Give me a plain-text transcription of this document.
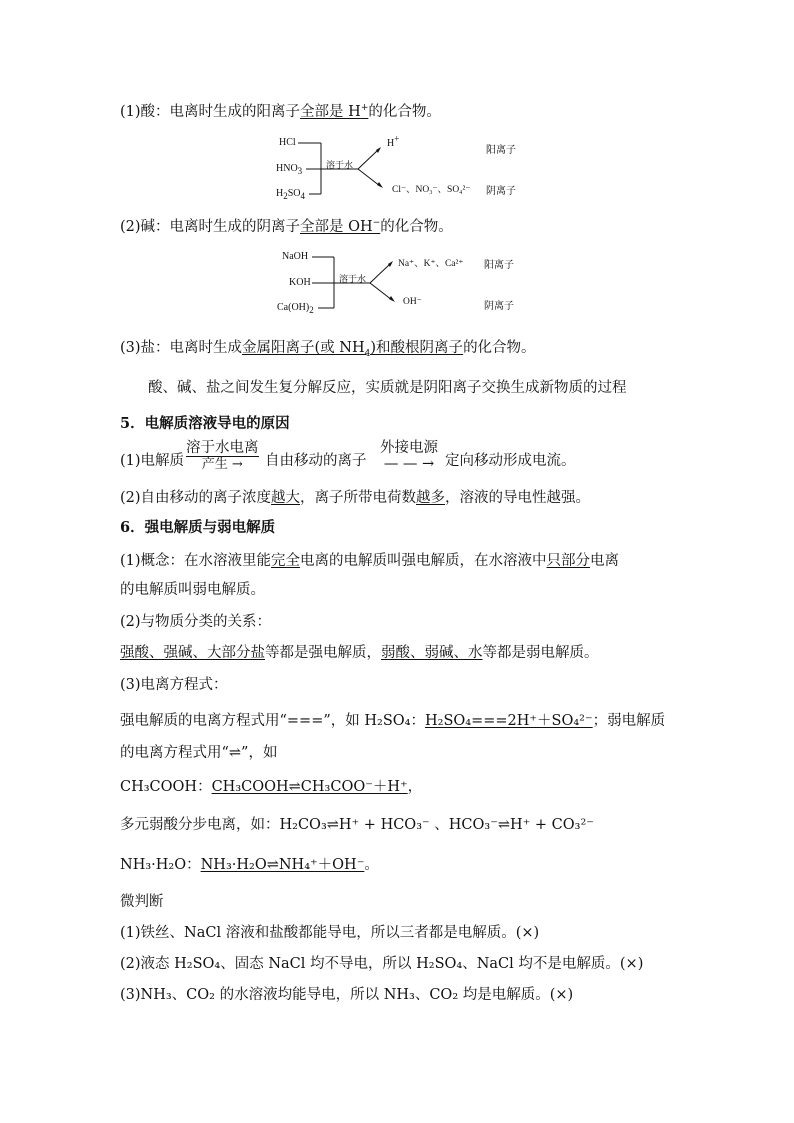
(1)酸：电离时生成的阳离子全部是 H+的化合物。
HCl
$HNO_3$
$H_2SO_4$
溶于水
H+
Cl⁻、NO₃⁻、SO₄²⁻
阳离子
阴离子
(2)碱：电离时生成的阴离子全部是 OH−的化合物。
NaOH
KOH
$Ca(OH)_2$
溶于水
Na⁺、K⁺、Ca²⁺
OH⁻
阳离子
阴离子
(3)盐：电离时生成金属阳离子(或 $NH_4$)和酸根阴离子的化合物。
酸、碱、盐之间发生复分解反应，实质就是阴阳离子交换生成新物质的过程
5．电解质溶液导电的原因
(1)电解质
溶于水电离
产生 →	自由移动的离子
外接电源
— — → 定向移动形成电流。
(2)自由移动的离子浓度越大，离子所带电荷数越多，溶液的导电性越强。
6．强电解质与弱电解质
(1)概念：在水溶液里能完全电离的电解质叫强电解质，在水溶液中只部分电离
的电解质叫弱电解质。
(2)与物质分类的关系：
强酸、强碱、大部分盐等都是强电解质，弱酸、弱碱、水等都是弱电解质。
(3)电离方程式：
强电解质的电离方程式用“===”，如 H₂SO₄：H₂SO₄===2H⁺＋SO₄²⁻；弱电解质
的电离方程式用“⇌”，如
CH₃COOH：CH₃COOH⇌CH₃COO⁻＋H⁺，
多元弱酸分步电离，如：H₂CO₃⇌H⁺ + HCO₃⁻ 、HCO₃⁻⇌H⁺ + CO₃²⁻
NH₃·H₂O：NH₃·H₂O⇌NH₄⁺＋OH⁻。
微判断
(1)铁丝、NaCl 溶液和盐酸都能导电，所以三者都是电解质。(×)
(2)液态 H₂SO₄、固态 NaCl 均不导电，所以 H₂SO₄、NaCl 均不是电解质。(×)
(3)NH₃、CO₂ 的水溶液均能导电，所以 NH₃、CO₂ 均是电解质。(×)
